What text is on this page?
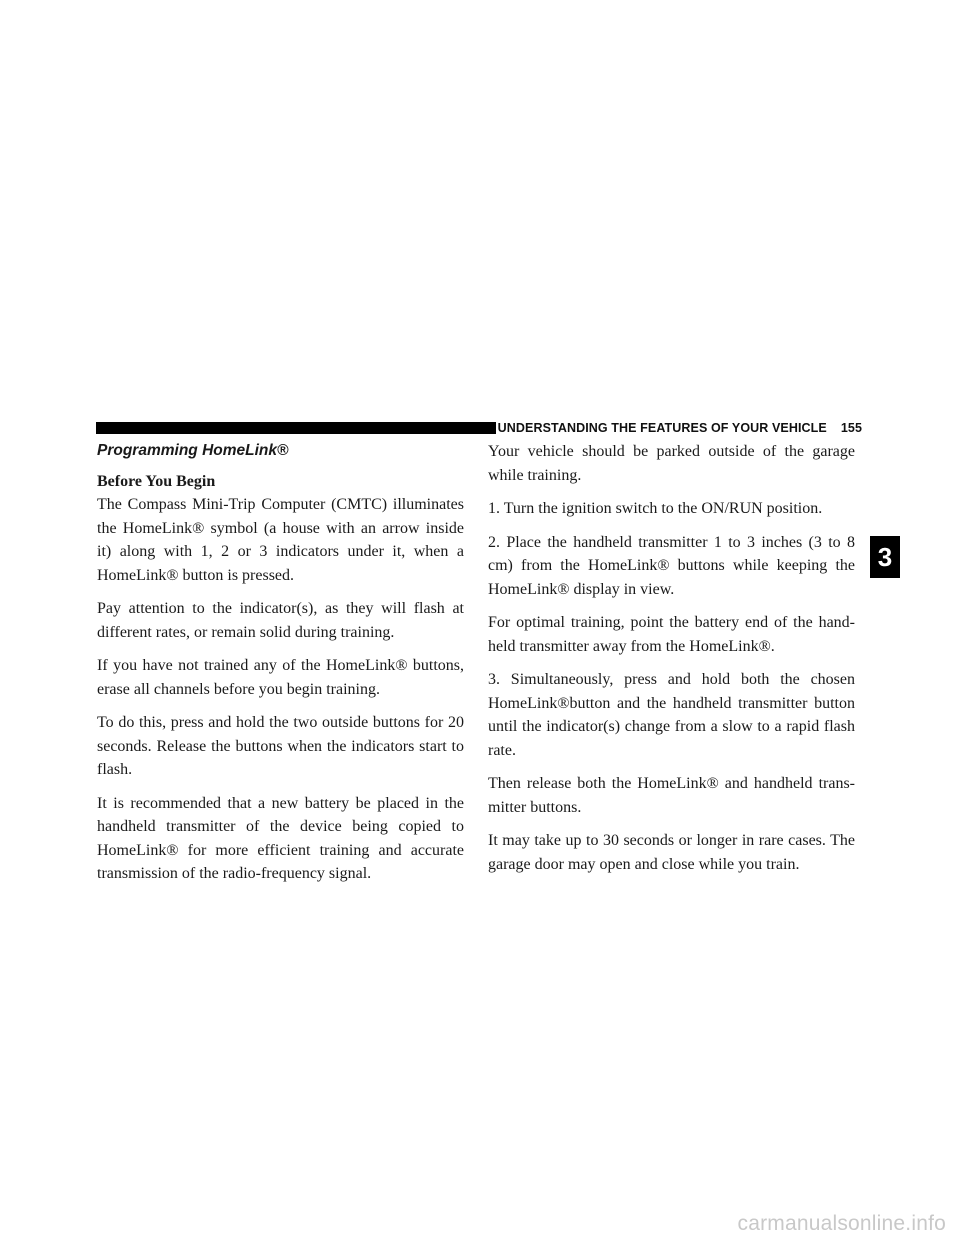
UNDERSTANDING THE FEATURES OF YOUR VEHICLE 155
3
Programming HomeLink®
Before You Begin

The Compass Mini-Trip Computer (CMTC) illuminates the HomeLink® symbol (a house with an arrow inside it) along with 1, 2 or 3 indicators under it, when a HomeLink® button is pressed.

Pay attention to the indicator(s), as they will flash at different rates, or remain solid during training.

If you have not trained any of the HomeLink® buttons, erase all channels before you begin training.

To do this, press and hold the two outside buttons for 20 seconds. Release the buttons when the indicators start to flash.

It is recommended that a new battery be placed in the handheld transmitter of the device being copied to HomeLink® for more efficient training and accurate transmission of the radio-frequency signal.

Your vehicle should be parked outside of the garage while training.

1. Turn the ignition switch to the ON/RUN position.

2. Place the handheld transmitter 1 to 3 inches (3 to 8 cm) from the HomeLink® buttons while keeping the HomeLink® display in view.

For optimal training, point the battery end of the hand-held transmitter away from the HomeLink®.

3. Simultaneously, press and hold both the chosen HomeLink®button and the handheld transmitter button until the indicator(s) change from a slow to a rapid flash rate.

Then release both the HomeLink® and handheld trans-mitter buttons.

It may take up to 30 seconds or longer in rare cases. The garage door may open and close while you train.

carmanualsonline.info
